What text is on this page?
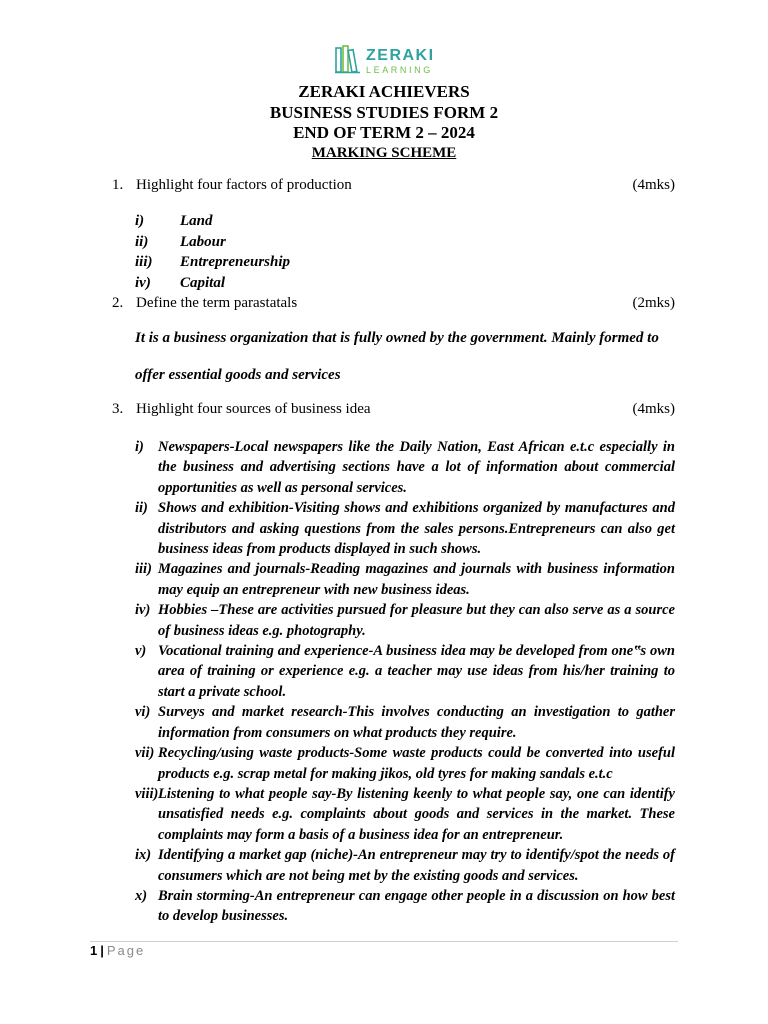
ZERAKI
LEARNING
ZERAKI ACHIEVERS
BUSINESS STUDIES FORM 2
END OF TERM 2 – 2024
MARKING SCHEME
1. Highlight four factors of production	(4mks)
i)	Land
ii)	Labour
iii)	Entrepreneurship
iv)	Capital
2. Define the term parastatals	(2mks)
It is a business organization that is fully owned by the government. Mainly formed to
offer essential goods and services
3. Highlight four sources of business idea	(4mks)
i) Newspapers-Local newspapers like the Daily Nation, East African e.t.c especially in the business and advertising sections have a lot of information about commercial opportunities as well as personal services.
ii) Shows and exhibition-Visiting shows and exhibitions organized by manufactures and distributors and asking questions from the sales persons.Entrepreneurs can also get business ideas from products displayed in such shows.
iii) Magazines and journals-Reading magazines and journals with business information may equip an entrepreneur with new business ideas.
iv) Hobbies –These are activities pursued for pleasure but they can also serve as a source of business ideas e.g. photography.
v) Vocational training and experience-A business idea may be developed from one‟s own area of training or experience e.g. a teacher may use ideas from his/her training to start a private school.
vi) Surveys and market research-This involves conducting an investigation to gather information from consumers on what products they require.
vii) Recycling/using waste products-Some waste products could be converted into useful products e.g. scrap metal for making jikos, old tyres for making sandals e.t.c
viii) Listening to what people say-By listening keenly to what people say, one can identify unsatisfied needs e.g. complaints about goods and services in the market. These complaints may form a basis of a business idea for an entrepreneur.
ix) Identifying a market gap (niche)-An entrepreneur may try to identify/spot the needs of consumers which are not being met by the existing goods and services.
x) Brain storming-An entrepreneur can engage other people in a discussion on how best to develop businesses.
1 | Page
